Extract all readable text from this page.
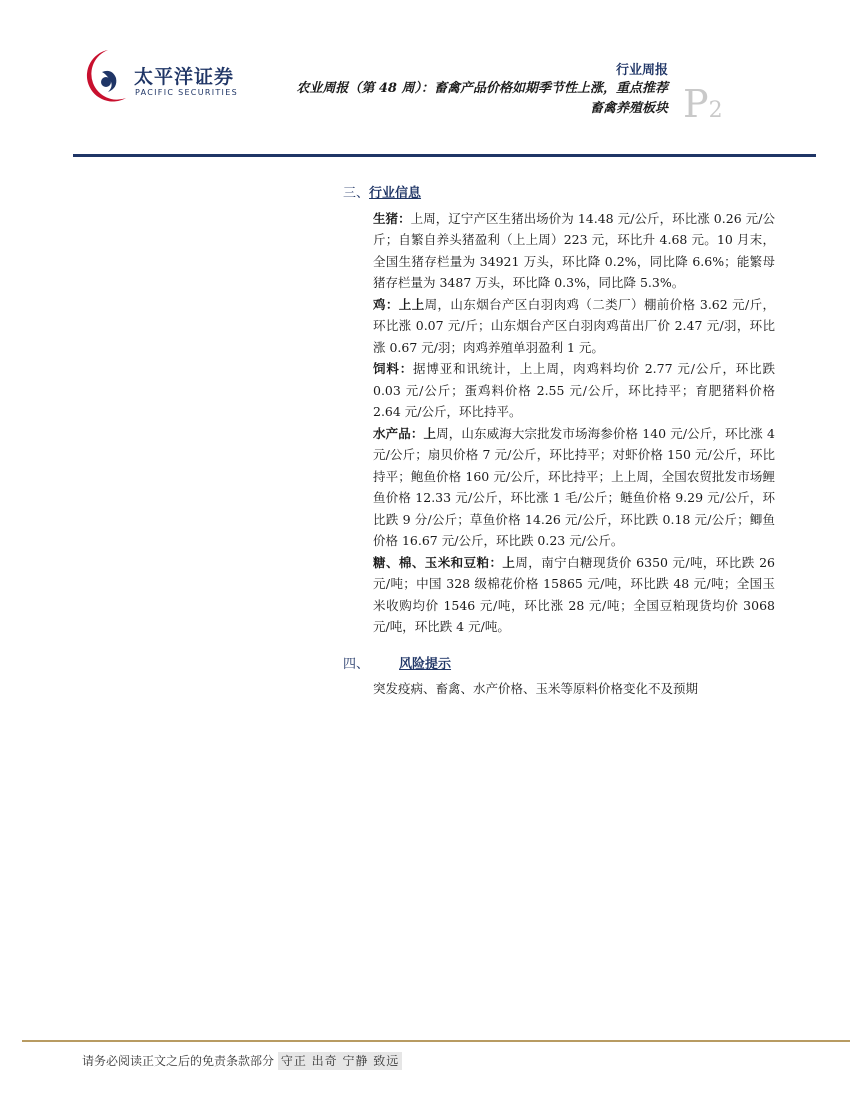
太平洋证券
PACIFIC SECURITIES
行业周报
农业周报（第 48 周）：畜禽产品价格如期季节性上涨，重点推荐
畜禽养殖板块 P2
三、行业信息

生猪：上周，辽宁产区生猪出场价为 14.48 元/公斤，环比涨 0.26 元/公斤；自繁自养头猪盈利（上上周）223 元，环比升 4.68 元。10 月末，全国生猪存栏量为 34921 万头，环比降 0.2%，同比降 6.6%；能繁母猪存栏量为 3487 万头，环比降 0.3%，同比降 5.3%。

鸡：上上周，山东烟台产区白羽肉鸡（二类厂）棚前价格 3.62 元/斤，环比涨 0.07 元/斤；山东烟台产区白羽肉鸡苗出厂价 2.47 元/羽，环比涨 0.67 元/羽；肉鸡养殖单羽盈利 1 元。

饲料：据博亚和讯统计，上上周，肉鸡料均价 2.77 元/公斤，环比跌 0.03 元/公斤；蛋鸡料价格 2.55 元/公斤，环比持平；育肥猪料价格 2.64 元/公斤，环比持平。

水产品：上周，山东威海大宗批发市场海参价格 140 元/公斤，环比涨 4 元/公斤；扇贝价格 7 元/公斤，环比持平；对虾价格 150 元/公斤，环比持平；鲍鱼价格 160 元/公斤，环比持平；上上周，全国农贸批发市场鲤鱼价格 12.33 元/公斤，环比涨 1 毛/公斤；鲢鱼价格 9.29 元/公斤，环比跌 9 分/公斤；草鱼价格 14.26 元/公斤，环比跌 0.18 元/公斤；鲫鱼价格 16.67 元/公斤，环比跌 0.23 元/公斤。

糖、棉、玉米和豆粕：上周，南宁白糖现货价 6350 元/吨，环比跌 26 元/吨；中国 328 级棉花价格 15865 元/吨，环比跌 48 元/吨；全国玉米收购均价 1546 元/吨，环比涨 28 元/吨；全国豆粕现货均价 3068 元/吨，环比跌 4 元/吨。

四、 风险提示

突发疫病、畜禽、水产价格、玉米等原料价格变化不及预期

请务必阅读正文之后的免责条款部分 守正 出奇 宁静 致远
